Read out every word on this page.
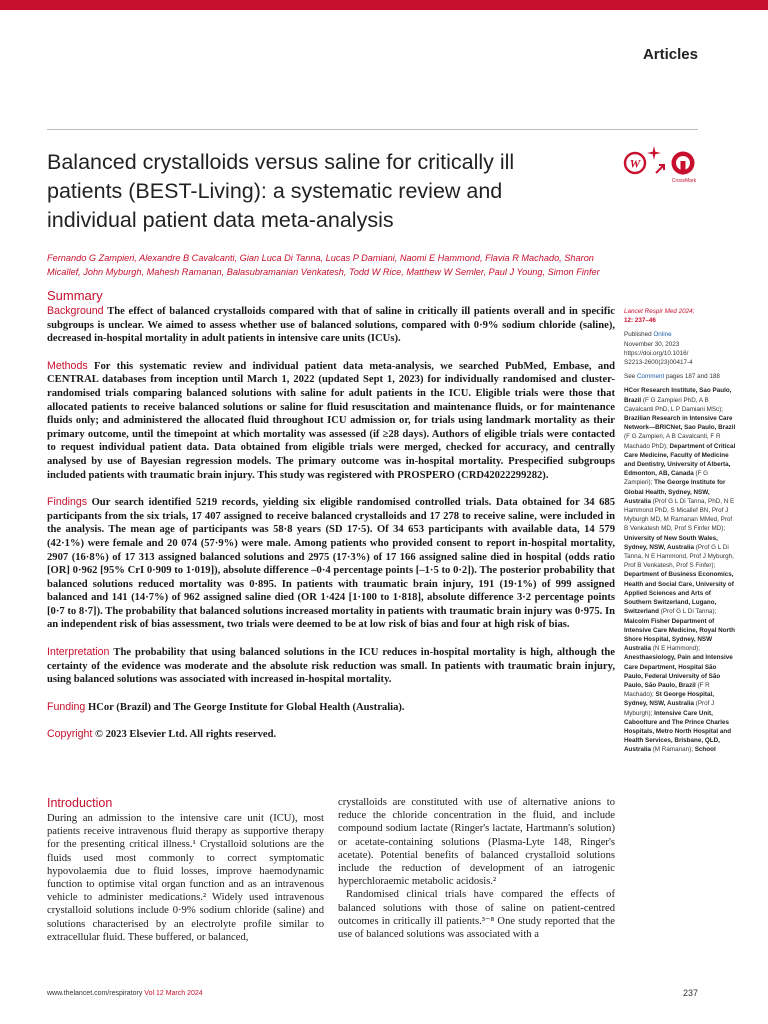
Articles
Balanced crystalloids versus saline for critically ill patients (BEST-Living): a systematic review and individual patient data meta-analysis
W
CrossMark
Fernando G Zampieri, Alexandre B Cavalcanti, Gian Luca Di Tanna, Lucas P Damiani, Naomi E Hammond, Flavia R Machado, Sharon Micallef, John Myburgh, Mahesh Ramanan, Balasubramanian Venkatesh, Todd W Rice, Matthew W Semler, Paul J Young, Simon Finfer
Summary

Background The effect of balanced crystalloids compared with that of saline in critically ill patients overall and in specific subgroups is unclear. We aimed to assess whether use of balanced solutions, compared with 0·9% sodium chloride (saline), decreased in-hospital mortality in adult patients in intensive care units (ICUs).

Methods For this systematic review and individual patient data meta-analysis, we searched PubMed, Embase, and CENTRAL databases from inception until March 1, 2022 (updated Sept 1, 2023) for individually randomised and cluster-randomised trials comparing balanced solutions with saline for adult patients in the ICU. Eligible trials were those that allocated patients to receive balanced solutions or saline for fluid resuscitation and maintenance fluids, or for maintenance fluids only; and administered the allocated fluid throughout ICU admission or, for trials using landmark mortality as their primary outcome, until the timepoint at which mortality was assessed (if ≥28 days). Authors of eligible trials were contacted to request individual patient data. Data obtained from eligible trials were merged, checked for accuracy, and centrally analysed by use of Bayesian regression models. The primary outcome was in-hospital mortality. Prespecified subgroups included patients with traumatic brain injury. This study was registered with PROSPERO (CRD42022299282).

Findings Our search identified 5219 records, yielding six eligible randomised controlled trials. Data obtained for 34 685 participants from the six trials, 17 407 assigned to receive balanced crystalloids and 17 278 to receive saline, were included in the analysis. The mean age of participants was 58·8 years (SD 17·5). Of 34 653 participants with available data, 14 579 (42·1%) were female and 20 074 (57·9%) were male. Among patients who provided consent to report in-hospital mortality, 2907 (16·8%) of 17 313 assigned balanced solutions and 2975 (17·3%) of 17 166 assigned saline died in hospital (odds ratio [OR] 0·962 [95% CrI 0·909 to 1·019]), absolute difference –0·4 percentage points [–1·5 to 0·2]). The posterior probability that balanced solutions reduced mortality was 0·895. In patients with traumatic brain injury, 191 (19·1%) of 999 assigned balanced and 141 (14·7%) of 962 assigned saline died (OR 1·424 [1·100 to 1·818], absolute difference 3·2 percentage points [0·7 to 8·7]). The probability that balanced solutions increased mortality in patients with traumatic brain injury was 0·975. In an independent risk of bias assessment, two trials were deemed to be at low risk of bias and four at high risk of bias.

Interpretation The probability that using balanced solutions in the ICU reduces in-hospital mortality is high, although the certainty of the evidence was moderate and the absolute risk reduction was small. In patients with traumatic brain injury, using balanced solutions was associated with increased in-hospital mortality.

Funding HCor (Brazil) and The George Institute for Global Health (Australia).

Copyright © 2023 Elsevier Ltd. All rights reserved.

Lancet Respir Med 2024;
12: 237–46

Published Online
November 30, 2023
https://doi.org/10.1016/
S2213-2600(23)00417-4

See Comment pages 187 and 188

HCor Research Institute, Sao Paulo, Brazil (F G Zampieri PhD, A B Cavalcanti PhD, L P Damiani MSc); Brazilian Research in Intensive Care Network—BRICNet, Sao Paulo, Brazil (F G Zampieri, A B Cavalcanti, F R Machado PhD); Department of Critical Care Medicine, Faculty of Medicine and Dentistry, University of Alberta, Edmonton, AB, Canada (F G Zampieri); The George Institute for Global Health, Sydney, NSW, Australia (Prof G L Di Tanna, PhD, N E Hammond PhD, S Micallef BN, Prof J Myburgh MD, M Ramanan MMed, Prof B Venkatesh MD, Prof S Finfer MD); University of New South Wales, Sydney, NSW, Australia (Prof G L Di Tanna, N E Hammond, Prof J Myburgh, Prof B Venkatesh, Prof S Finfer); Department of Business Economics, Health and Social Care, University of Applied Sciences and Arts of Southern Switzerland, Lugano, Switzerland (Prof G L Di Tanna); Malcolm Fisher Department of Intensive Care Medicine, Royal North Shore Hospital, Sydney, NSW Australia (N E Hammond); Anesthaesiology, Pain and Intensive Care Department, Hospital São Paulo, Federal University of São Paulo, São Paulo, Brazil (F R Machado); St George Hospital, Sydney, NSW, Australia (Prof J Myburgh); Intensive Care Unit, Caboolture and The Prince Charles Hospitals, Metro North Hospital and Health Services, Brisbane, QLD, Australia (M Ramanan); School
Introduction

During an admission to the intensive care unit (ICU), most patients receive intravenous fluid therapy as supportive therapy for the presenting critical illness.¹ Crystalloid solutions are the fluids used most commonly to correct symptomatic hypovolaemia due to fluid losses, improve haemodynamic function to optimise vital organ function and as an intravenous vehicle to administer medications.² Widely used intravenous crystalloid solutions include 0·9% sodium chloride (saline) and solutions characterised by an electrolyte profile similar to extracellular fluid. These buffered, or balanced,

crystalloids are constituted with use of alternative anions to reduce the chloride concentration in the fluid, and include compound sodium lactate (Ringer's lactate, Hartmann's solution) or acetate-containing solutions (Plasma-Lyte 148, Ringer's acetate). Potential benefits of balanced crystalloid solutions include the reduction of development of an iatrogenic hyperchloraemic metabolic acidosis.²

Randomised clinical trials have compared the effects of balanced solutions with those of saline on patient-centred outcomes in critically ill patients.³⁻⁸ One study reported that the use of balanced solutions was associated with a

www.thelancet.com/respiratory Vol 12 March 2024	237
